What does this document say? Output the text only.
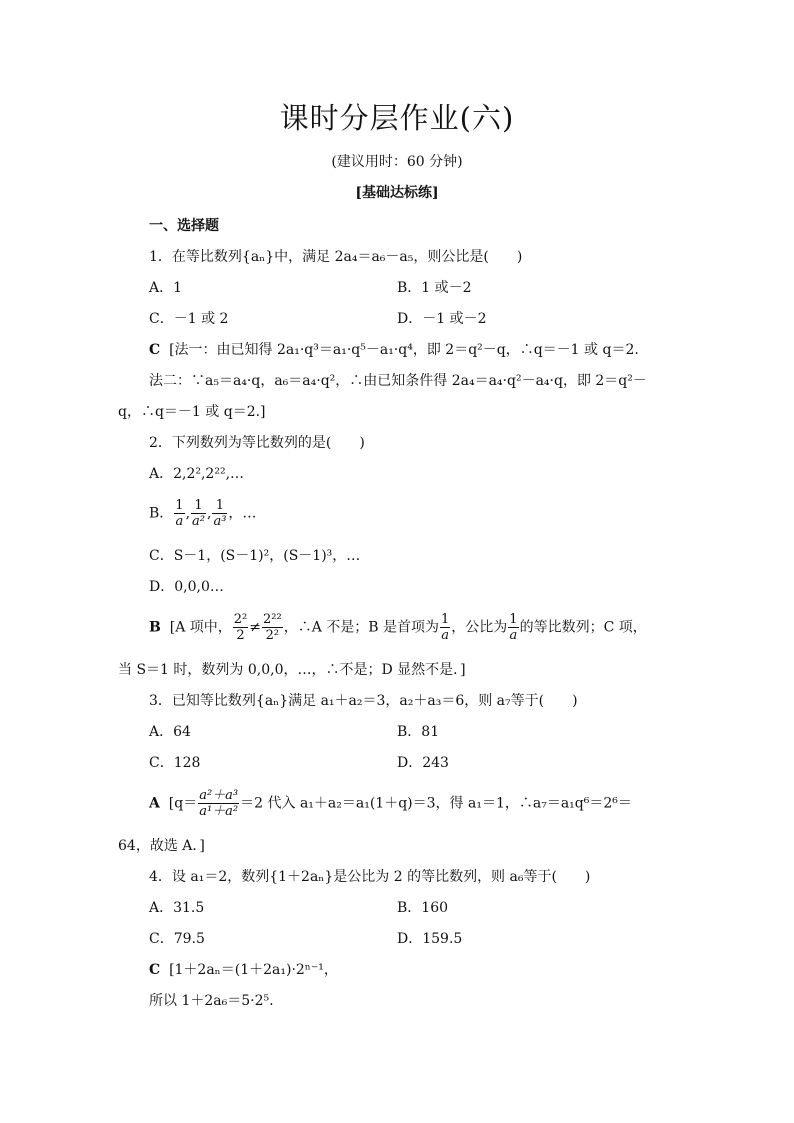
课时分层作业(六)
(建议用时：60 分钟)
[基础达标练]
一、选择题
1．在等比数列{aₙ}中，满足 2a₄＝a₆－a₅，则公比是(　　)
A．1	B．1 或－2
C．－1 或 2	D．－1 或－2
C [法一：由已知得 2a₁·q³＝a₁·q⁵－a₁·q⁴，即 2＝q²－q，∴q＝－1 或 q＝2.
法二：∵a₅＝a₄·q，a₆＝a₄·q²，∴由已知条件得 2a₄＝a₄·q²－a₄·q，即 2＝q²－
q，∴q＝－1 或 q＝2.]
2．下列数列为等比数列的是(　　)
A．2,2²,2²²,…
B． $\frac{1}{a}$ , $\frac{1}{\text{a²}}$ , $\frac{1}{\text{a³}}$ ，…
C．S－1，(S－1)²，(S－1)³，…
D．0,0,0…
B [A 项中， $\frac{\text{2²}}{2} \ne \frac{\text{2²²}}{\text{2²}}$ ，∴A 不是；B 是首项为 $\frac{1}{a}$ ，公比为 $\frac{1}{a}$ 的等比数列；C 项，
当 S＝1 时，数列为 0,0,0，…，∴不是；D 显然不是．]
3．已知等比数列{aₙ}满足 a₁＋a₂＝3，a₂＋a₃＝6，则 a₇等于(　　)
A．64	B．81
C．128	D．243
A [$q= \frac{\text{a²＋a³}}{\text{a¹＋a²}} =2$ 代入 a₁＋a₂＝a₁(1＋q)＝3，得 a₁＝1，∴a₇＝a₁q⁶＝2⁶＝
64，故选 A．]
4．设 a₁＝2，数列{1＋2aₙ}是公比为 2 的等比数列，则 a₆等于(　　)
A．31.5	B．160
C．79.5	D．159.5
C [1＋2aₙ＝(1＋2a₁)·2ⁿ⁻¹，
所以 1＋2a₆＝5·2⁵.
